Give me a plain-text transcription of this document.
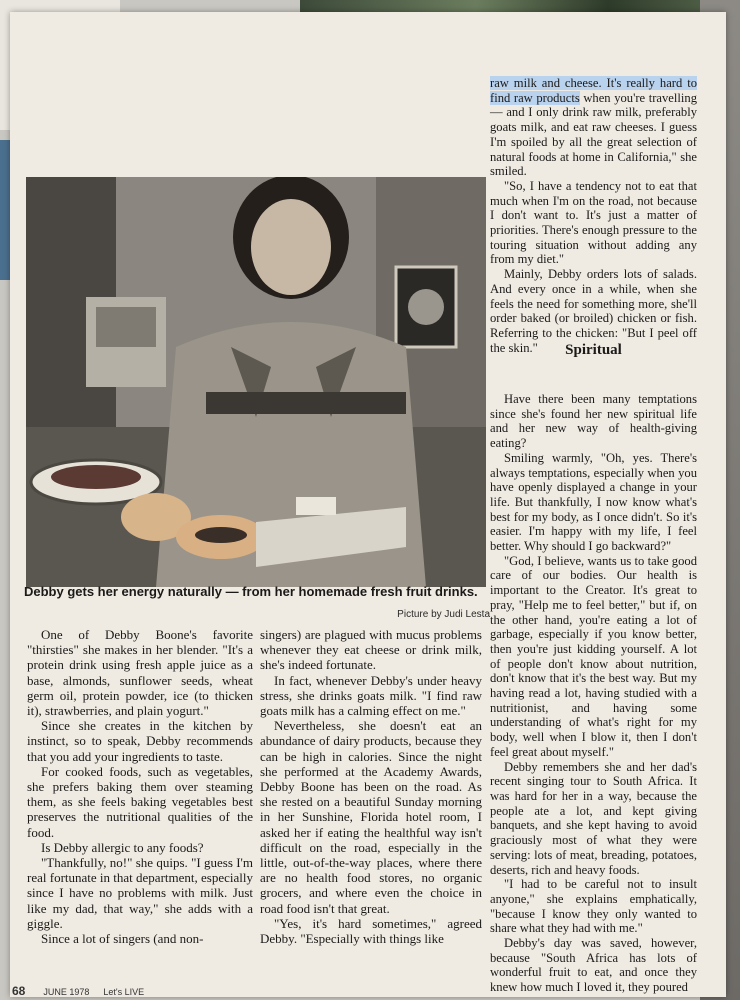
Debby gets her energy naturally — from her homemade fresh fruit drinks.
Picture by Judi Lesta

One of Debby Boone's favorite "thirsties" she makes in her blender. "It's a protein drink using fresh apple juice as a base, almonds, sunflower seeds, wheat germ oil, protein powder, ice (to thicken it), strawberries, and plain yogurt."

Since she creates in the kitchen by instinct, so to speak, Debby recommends that you add your ingredients to taste.

For cooked foods, such as vegetables, she prefers baking them over steaming them, as she feels baking vegetables best preserves the nutritional qualities of the food.

Is Debby allergic to any foods?

"Thankfully, no!" she quips. "I guess I'm real fortunate in that department, especially since I have no problems with milk. Just like my dad, that way," she adds with a giggle.

Since a lot of singers (and non-

singers) are plagued with mucus problems whenever they eat cheese or drink milk, she's indeed fortunate.

In fact, whenever Debby's under heavy stress, she drinks goats milk. "I find raw goats milk has a calming effect on me."

Nevertheless, she doesn't eat an abundance of dairy products, because they can be high in calories. Since the night she performed at the Academy Awards, Debby Boone has been on the road. As she rested on a beautiful Sunday morning in her Sunshine, Florida hotel room, I asked her if eating the healthful way isn't difficult on the road, especially in the little, out-of-the-way places, where there are no health food stores, no organic grocers, and where even the choice in road food isn't that great.

"Yes, it's hard sometimes," agreed Debby. "Especially with things like

raw milk and cheese. It's really hard to find raw products when you're travelling — and I only drink raw milk, preferably goats milk, and eat raw cheeses. I guess I'm spoiled by all the great selection of natural foods at home in California," she smiled.

"So, I have a tendency not to eat that much when I'm on the road, not because I don't want to. It's just a matter of priorities. There's enough pressure to the touring situation without adding any from my diet."

Mainly, Debby orders lots of salads. And every once in a while, when she feels the need for something more, she'll order baked (or broiled) chicken or fish. Referring to the chicken: "But I peel off the skin."	Spiritual

Have there been many temptations since she's found her new spiritual life and her new way of health-giving eating?

Smiling warmly, "Oh, yes. There's always temptations, especially when you have openly displayed a change in your life. But thankfully, I now know what's best for my body, as I once didn't. So it's easier. I'm happy with my life, I feel better. Why should I go backward?"

"God, I believe, wants us to take good care of our bodies. Our health is important to the Creator. It's great to pray, "Help me to feel better," but if, on the other hand, you're eating a lot of garbage, especially if you know better, then you're just kidding yourself. A lot of people don't know about nutrition, don't know that it's the best way. But my having read a lot, having studied with a nutritionist, and having some understanding of what's right for my body, well when I blow it, then I don't feel great about myself."

Debby remembers she and her dad's recent singing tour to South Africa. It was hard for her in a way, because the people ate a lot, and kept giving banquets, and she kept having to avoid graciously most of what they were serving: lots of meat, breading, potatoes, deserts, rich and heavy foods.

"I had to be careful not to insult anyone," she explains emphatically, "because I know they only wanted to share what they had with me."

Debby's day was saved, however, because "South Africa has lots of wonderful fruit to eat, and once they knew how much I loved it, they poured

68 JUNE 1978 Let's LIVE
